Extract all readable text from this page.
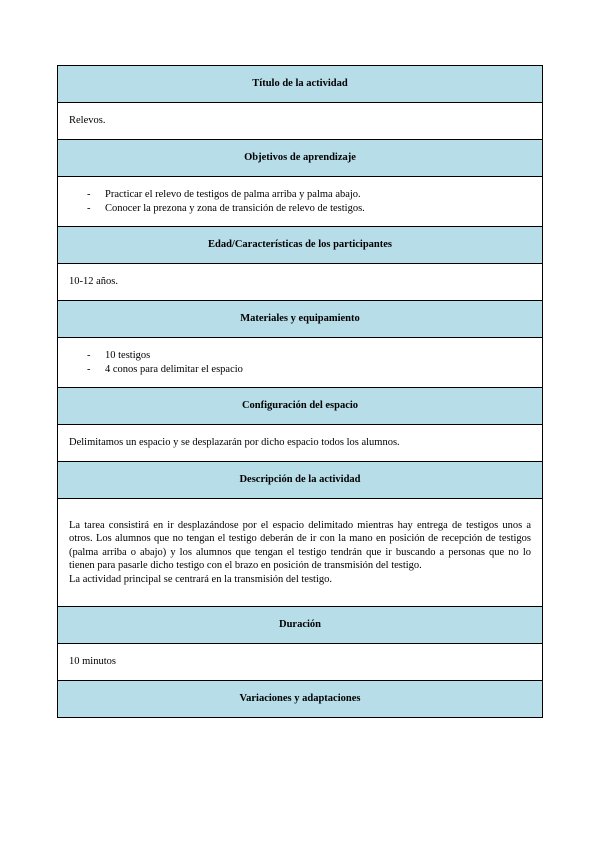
Título de la actividad
Relevos.
Objetivos de aprendizaje

- Practicar el relevo de testigos de palma arriba y palma abajo.
- Conocer la prezona y zona de transición de relevo de testigos.

Edad/Características de los participantes
10-12 años.
Materiales y equipamiento

- 10 testigos
- 4 conos para delimitar el espacio

Configuración del espacio
Delimitamos un espacio y se desplazarán por dicho espacio todos los alumnos.
Descripción de la actividad

La tarea consistirá en ir desplazándose por el espacio delimitado mientras hay entrega de testigos unos a otros. Los alumnos que no tengan el testigo deberán de ir con la mano en posición de recepción de testigos (palma arriba o abajo) y los alumnos que tengan el testigo tendrán que ir buscando a personas que no lo tienen para pasarle dicho testigo con el brazo en posición de transmisión del testigo.
La actividad principal se centrará en la transmisión del testigo.

Duración
10 minutos
Variaciones y adaptaciones
